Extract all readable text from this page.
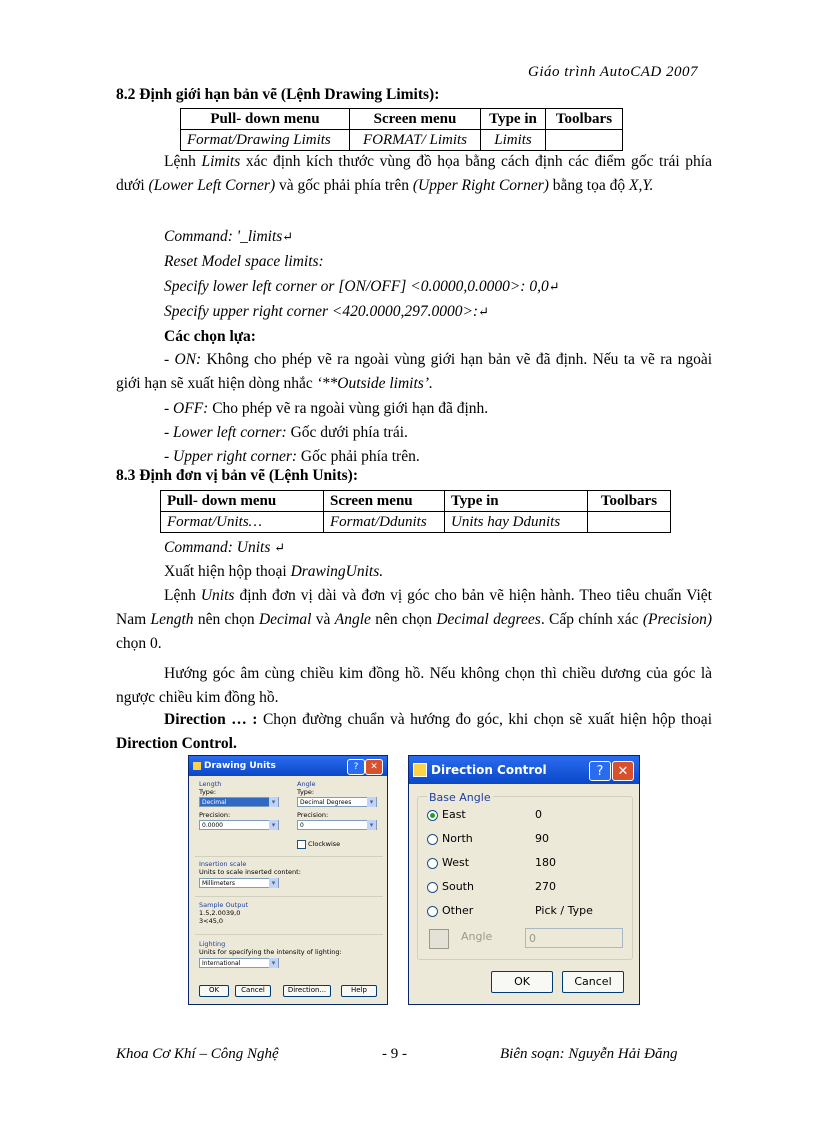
Giáo trình AutoCAD 2007
8.2 Định giới hạn bản vẽ (Lệnh Drawing Limits):
Pull- down menu	Screen menu	Type in	Toolbars
Format/Drawing Limits	FORMAT/ Limits	Limits	
Lệnh Limits xác định kích thước vùng đồ họa bằng cách định các điểm gốc trái phía dưới (Lower Left Corner) và gốc phải phía trên (Upper Right Corner) bằng tọa độ X,Y.
Command: '_limits↵
Reset Model space limits:
Specify lower left corner or [ON/OFF] <0.0000,0.0000>: 0,0↵
Specify upper right corner <420.0000,297.0000>:↵
Các chọn lựa:
- ON: Không cho phép vẽ ra ngoài vùng giới hạn bản vẽ đã định. Nếu ta vẽ ra ngoài giới hạn sẽ xuất hiện dòng nhắc ‘**Outside limits’.
- OFF: Cho phép vẽ ra ngoài vùng giới hạn đã định.
- Lower left corner: Gốc dưới phía trái.
- Upper right corner: Gốc phải phía trên.
8.3 Định đơn vị bản vẽ (Lệnh Units):
Pull- down menu	Screen menu	Type in	Toolbars
Format/Units…	Format/Ddunits	Units hay Ddunits	
Command: Units ↵
Xuất hiện hộp thoại DrawingUnits.
Lệnh Units định đơn vị dài và đơn vị góc cho bản vẽ hiện hành. Theo tiêu chuẩn Việt Nam Length nên chọn Decimal và Angle nên chọn Decimal degrees. Cấp chính xác (Precision) chọn 0.
Hướng góc âm cùng chiều kim đồng hồ. Nếu không chọn thì chiều dương của góc là ngược chiều kim đồng hồ.
Direction … : Chọn đường chuẩn và hướng đo góc, khi chọn sẽ xuất hiện hộp thoại Direction Control.
Drawing Units	?	✕
Length
Type:
Decimal ▾
Precision:
0.0000 ▾
Angle
Type:
Decimal Degrees ▾
Precision:
0 ▾
Clockwise
Insertion scale
Units to scale inserted content:
Millimeters ▾
Sample Output
1.5,2.0039,0
3<45,0
Lighting
Units for specifying the intensity of lighting:
International ▾
OK	Cancel	Direction...	Help
Direction Control	?	✕
Base Angle
East	0
North	90
West	180
South	270
Other	Pick / Type
Angle	0
OK	Cancel
Khoa Cơ Khí – Công Nghệ	- 9 -	Biên soạn: Nguyễn Hải Đăng
